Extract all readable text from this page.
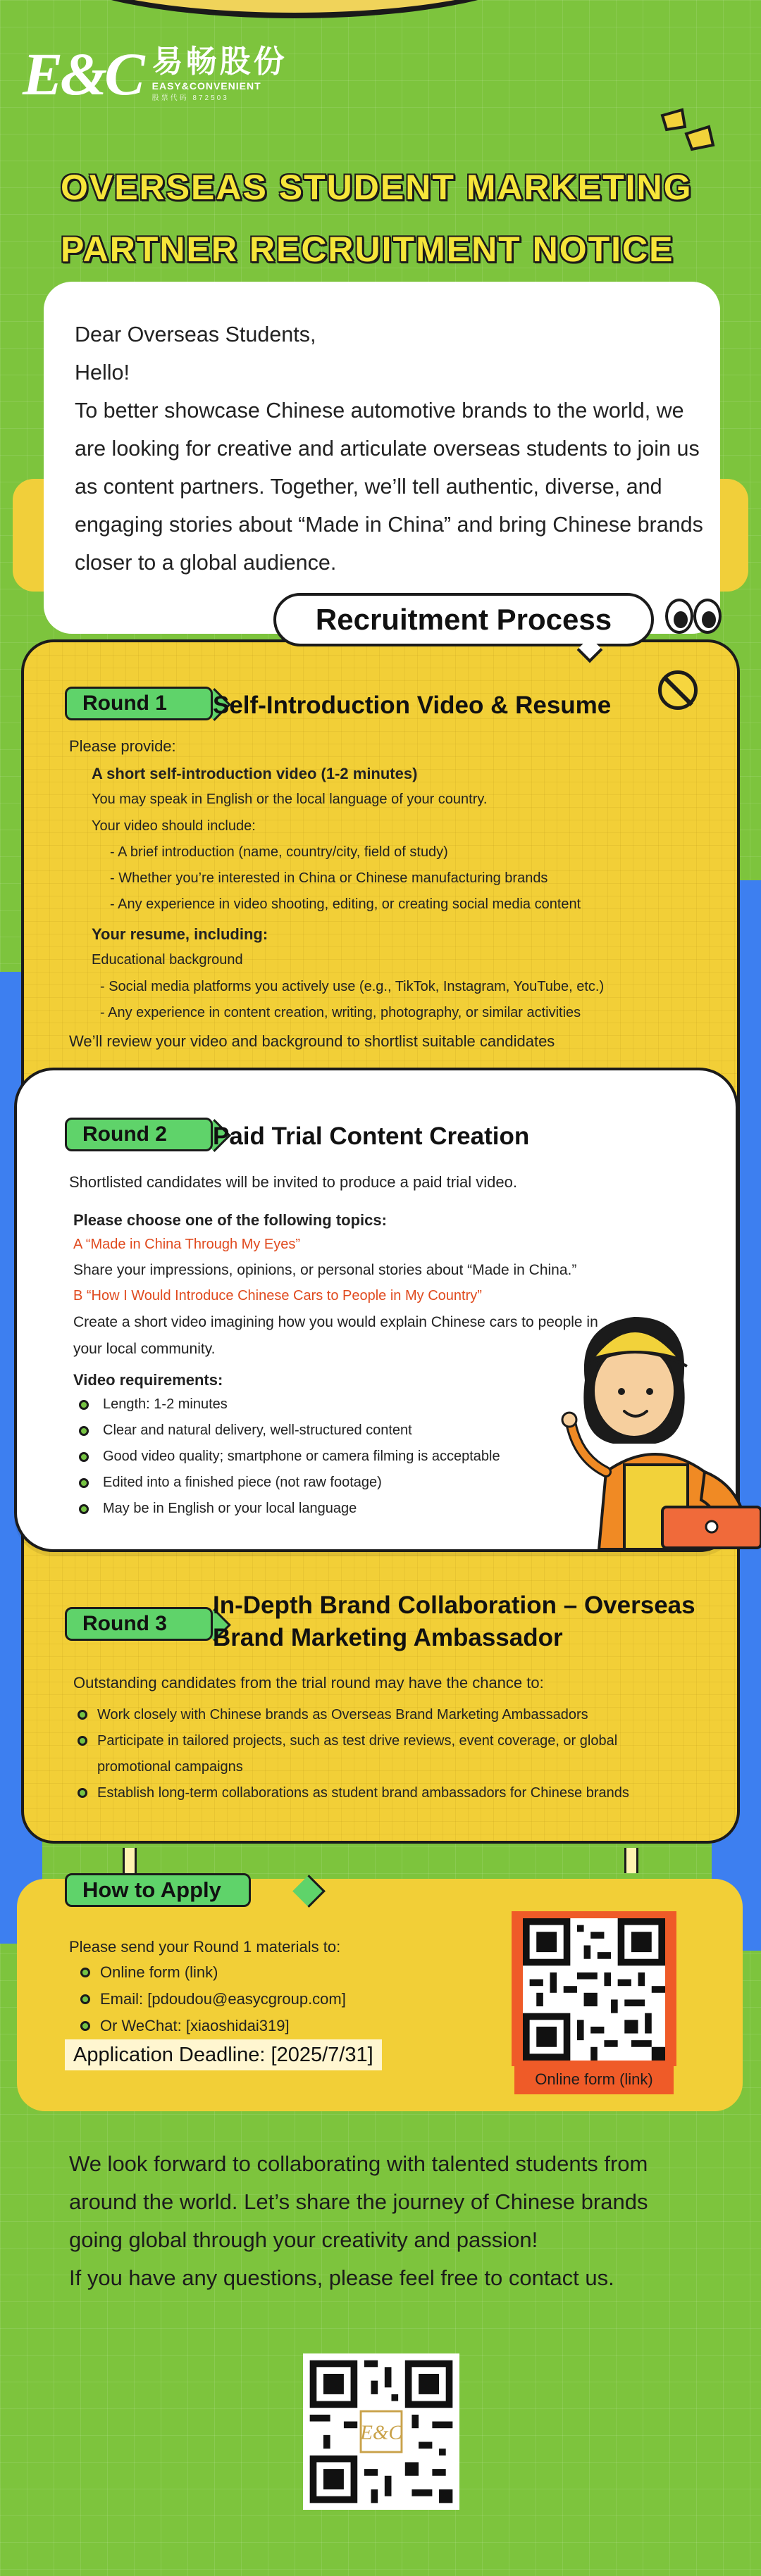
E&C 易畅股份
EASY&CONVENIENT
股票代码 872503
OVERSEAS STUDENT MARKETING
PARTNER RECRUITMENT NOTICE

Dear Overseas Students,

Hello!

To better showcase Chinese automotive brands to the world, we are looking for creative and articulate overseas students to join us as content partners. Together, we’ll tell authentic, diverse, and engaging stories about “Made in China” and bring Chinese brands closer to a global audience.

Recruitment Process
Round 1	Self-Introduction Video & Resume
Please provide:
A short self-introduction video (1-2 minutes)
You may speak in English or the local language of your country.
Your video should include:
- A brief introduction (name, country/city, field of study)
- Whether you’re interested in China or Chinese manufacturing brands
- Any experience in video shooting, editing, or creating social media content
Your resume, including:
Educational background
- Social media platforms you actively use (e.g., TikTok, Instagram, YouTube, etc.)
- Any experience in content creation, writing, photography, or similar activities
We’ll review your video and background to shortlist suitable candidates
Round 2	Paid Trial Content Creation
Shortlisted candidates will be invited to produce a paid trial video.
Please choose one of the following topics:
A “Made in China Through My Eyes”
Share your impressions, opinions, or personal stories about “Made in China.”
B “How I Would Introduce Chinese Cars to People in My Country”
Create a short video imagining how you would explain Chinese cars to people in
your local community.
Video requirements:
Length: 1-2 minutes
Clear and natural delivery, well-structured content
Good video quality; smartphone or camera filming is acceptable
Edited into a finished piece (not raw footage)
May be in English or your local language
Round 3
In-Depth Brand Collaboration – Overseas
Brand Marketing Ambassador
Outstanding candidates from the trial round may have the chance to:
Work closely with Chinese brands as Overseas Brand Marketing Ambassadors
Participate in tailored projects, such as test drive reviews, event coverage, or global
promotional campaigns
Establish long-term collaborations as student brand ambassadors for Chinese brands
How to Apply
Please send your Round 1 materials to:
Online form (link)
Email: [pdoudou@easycgroup.com]
Or WeChat: [xiaoshidai319]
Application Deadline: [2025/7/31]
Online form (link)

We look forward to collaborating with talented students from around the world. Let’s share the journey of Chinese brands going global through your creativity and passion!

If you have any questions, please feel free to contact us.

E&C
